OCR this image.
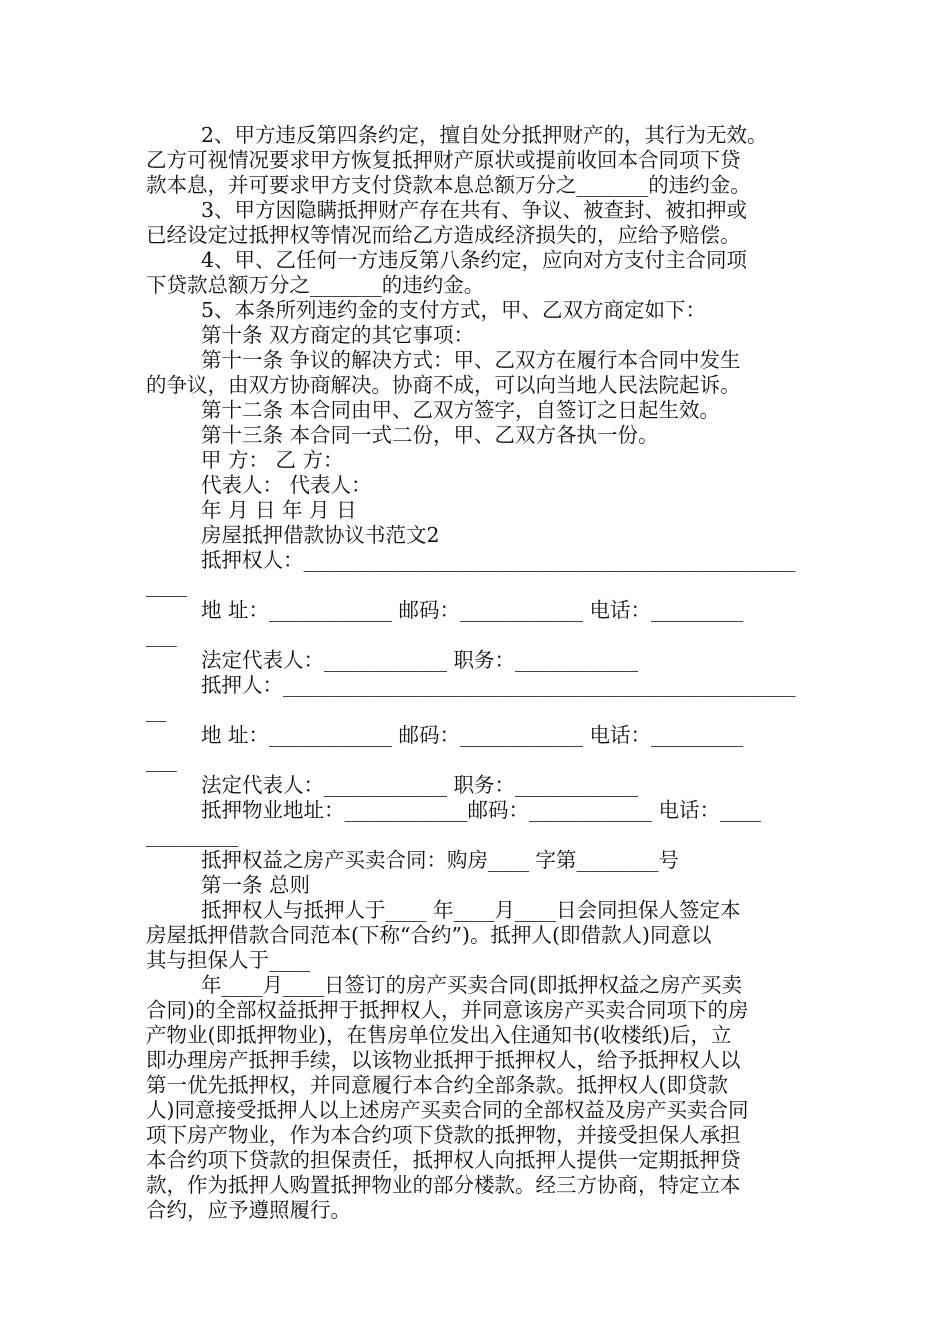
2、甲方违反第四条约定，擅自处分抵押财产的，其行为无效。
乙方可视情况要求甲方恢复抵押财产原状或提前收回本合同项下贷
款本息，并可要求甲方支付贷款本息总额万分之_______的违约金。
3、甲方因隐瞒抵押财产存在共有、争议、被查封、被扣押或
已经设定过抵押权等情况而给乙方造成经济损失的，应给予赔偿。
4、甲、乙任何一方违反第八条约定，应向对方支付主合同项
下贷款总额万分之_______的违约金。
5、本条所列违约金的支付方式，甲、乙双方商定如下：
第十条 双方商定的其它事项：
第十一条 争议的解决方式：甲、乙双方在履行本合同中发生
的争议，由双方协商解决。协商不成，可以向当地人民法院起诉。
第十二条 本合同由甲、乙双方签字，自签订之日起生效。
第十三条 本合同一式二份，甲、乙双方各执一份。
甲 方： 乙 方：
代表人： 代表人：
年 月 日 年 月 日
房屋抵押借款协议书范文2
抵押权人：________________________________________________
____
地 址：____________ 邮码：____________ 电话：_________
___
法定代表人：____________ 职务：____________
抵押人：__________________________________________________
__
地 址：____________ 邮码：____________ 电话：_________
___
法定代表人：____________ 职务：____________
抵押物业地址：____________邮码：____________ 电话：____
_________
抵押权益之房产买卖合同：购房____ 字第________号
第一条 总则
抵押权人与抵押人于____ 年____月____日会同担保人签定本
房屋抵押借款合同范本(下称“合约”)。抵押人(即借款人)同意以
其与担保人于____
年____月____日签订的房产买卖合同(即抵押权益之房产买卖
合同)的全部权益抵押于抵押权人，并同意该房产买卖合同项下的房
产物业(即抵押物业)，在售房单位发出入住通知书(收楼纸)后，立
即办理房产抵押手续，以该物业抵押于抵押权人，给予抵押权人以
第一优先抵押权，并同意履行本合约全部条款。抵押权人(即贷款
人)同意接受抵押人以上述房产买卖合同的全部权益及房产买卖合同
项下房产物业，作为本合约项下贷款的抵押物，并接受担保人承担
本合约项下贷款的担保责任，抵押权人向抵押人提供一定期抵押贷
款，作为抵押人购置抵押物业的部分楼款。经三方协商，特定立本
合约，应予遵照履行。
